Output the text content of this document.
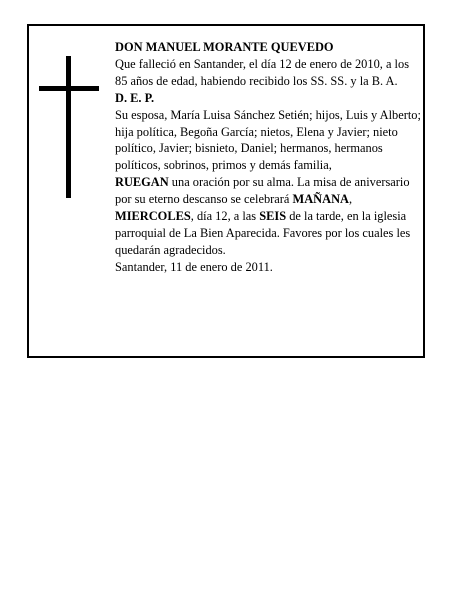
DON MANUEL MORANTE QUEVEDO

Que falleció en Santander, el día 12 de enero de 2010, a los 85 años de edad, habiendo recibido los SS. SS. y la B. A.

D. E. P.

Su esposa, María Luisa Sánchez Setién; hijos, Luis y Alberto; hija política, Begoña García; nietos, Elena y Javier; nieto político, Javier; bisnieto, Daniel; hermanos, hermanos políticos, sobrinos, primos y demás familia,

RUEGAN una oración por su alma. La misa de aniversario por su eterno descanso se celebrará MAÑANA, MIERCOLES, día 12, a las SEIS de la tarde, en la iglesia parroquial de La Bien Aparecida. Favores por los cuales les quedarán agradecidos.

Santander, 11 de enero de 2011.
